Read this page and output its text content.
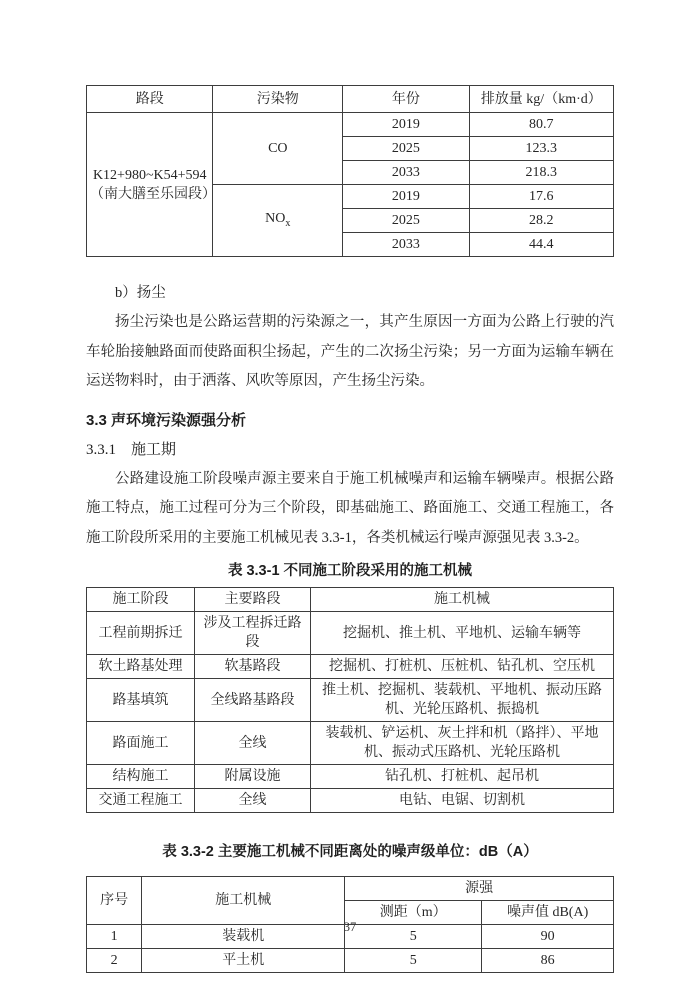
路段	污染物	年份	排放量 kg/（km·d）
K12+980~K54+594（南大膳至乐园段）	CO	2019	80.7
		2025	123.3
		2033	218.3
	$NO_x$	2019	17.6
		2025	28.2
		2033	44.4
b）扬尘

扬尘污染也是公路运营期的污染源之一，其产生原因一方面为公路上行驶的汽车轮胎接触路面而使路面积尘扬起，产生的二次扬尘污染；另一方面为运输车辆在运送物料时，由于洒落、风吹等原因，产生扬尘污染。

3.3 声环境污染源强分析
3.3.1　施工期

公路建设施工阶段噪声源主要来自于施工机械噪声和运输车辆噪声。根据公路施工特点，施工过程可分为三个阶段，即基础施工、路面施工、交通工程施工，各施工阶段所采用的主要施工机械见表 3.3-1，各类机械运行噪声源强见表 3.3-2。

表 3.3-1 不同施工阶段采用的施工机械
施工阶段	主要路段	施工机械
工程前期拆迁	涉及工程拆迁路段	挖掘机、推土机、平地机、运输车辆等
软土路基处理	软基路段	挖掘机、打桩机、压桩机、钻孔机、空压机
路基填筑	全线路基路段	推土机、挖掘机、装载机、平地机、振动压路机、光轮压路机、振捣机
路面施工	全线	装载机、铲运机、灰土拌和机（路拌）、平地机、振动式压路机、光轮压路机
结构施工	附属设施	钻孔机、打桩机、起吊机
交通工程施工	全线	电钻、电锯、切割机
表 3.3-2 主要施工机械不同距离处的噪声级单位：dB（A）
序号	施工机械	源强	
		测距（m）	噪声值 dB(A)
1	装载机	5	90
2	平土机	5	86
37
